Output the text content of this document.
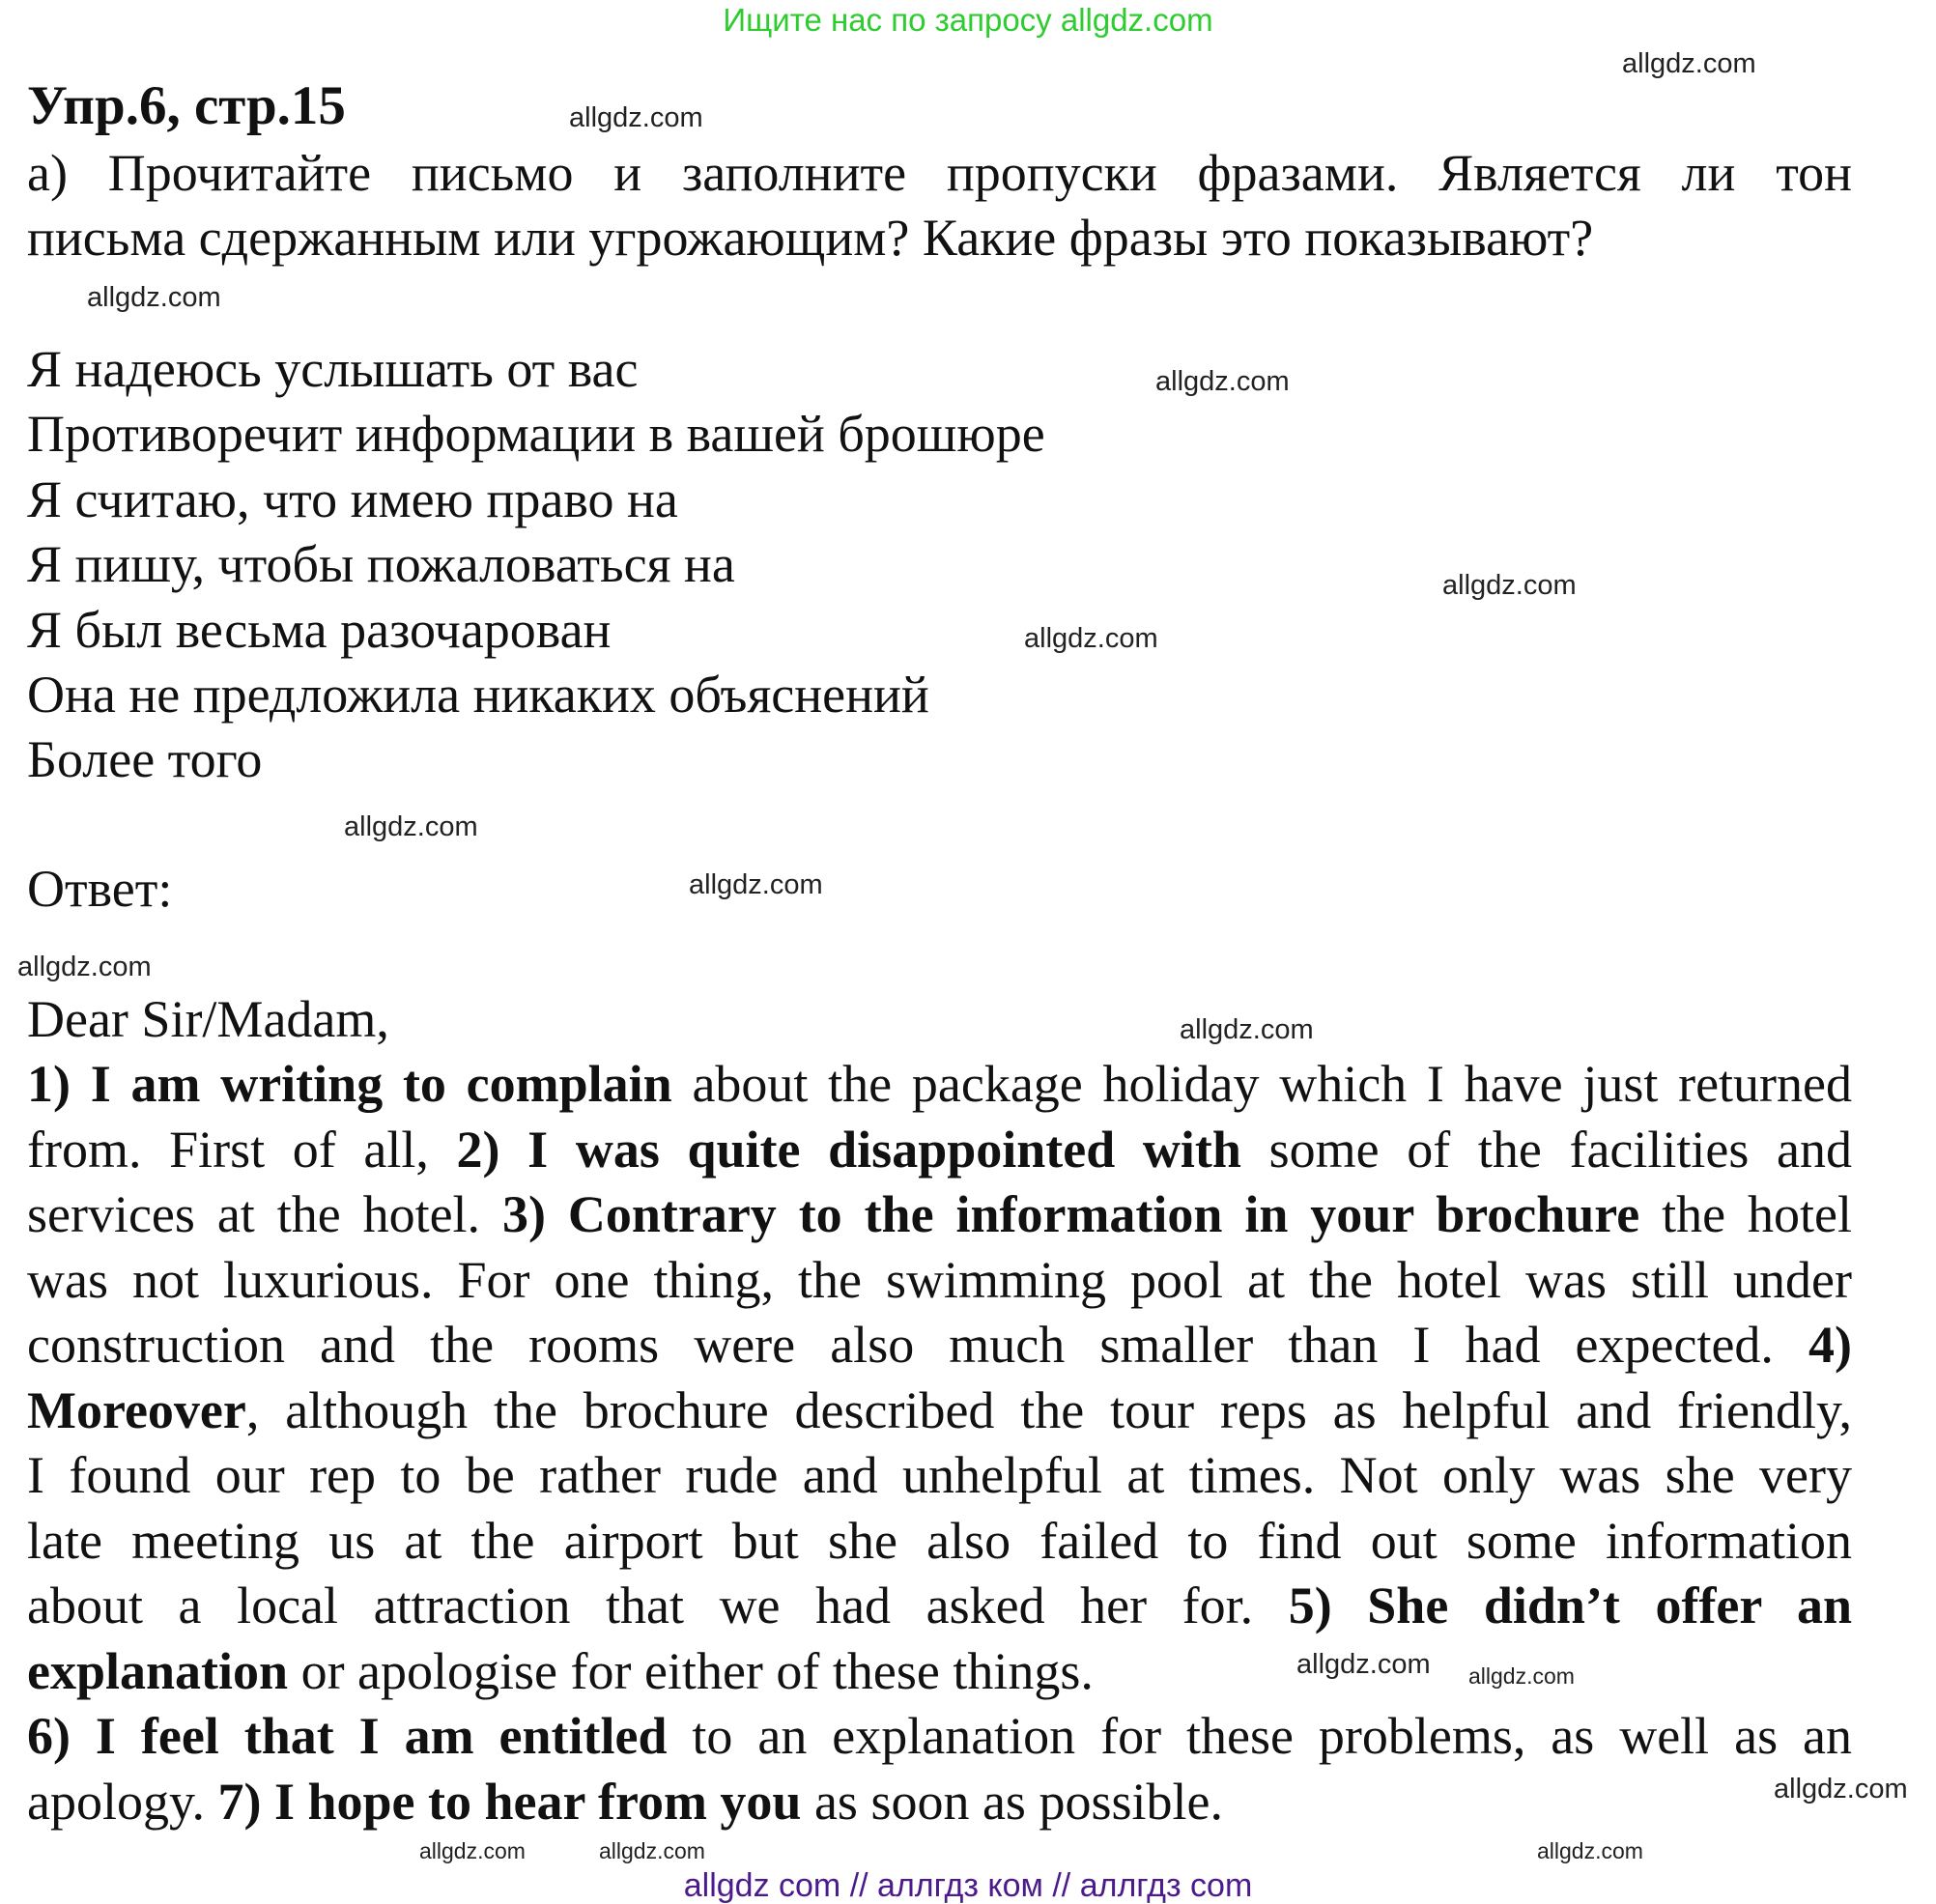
Ищите нас по запросу allgdz.com
Упр.6, стр.15
а) Прочитайте письмо и заполните пропуски фразами. Является ли тон
письма сдержанным или угрожающим? Какие фразы это показывают?
Я надеюсь услышать от вас
Противоречит информации в вашей брошюре
Я считаю, что имею право на
Я пишу, чтобы пожаловаться на
Я был весьма разочарован
Она не предложила никаких объяснений
Более того
Ответ:
Dear Sir/Madam,
1) I am writing to complain about the package holiday which I have just returned
from. First of all, 2) I was quite disappointed with some of the facilities and
services at the hotel. 3) Contrary to the information in your brochure the hotel
was not luxurious. For one thing, the swimming pool at the hotel was still under
construction and the rooms were also much smaller than I had expected. 4)
Moreover, although the brochure described the tour reps as helpful and friendly,
I found our rep to be rather rude and unhelpful at times. Not only was she very
late meeting us at the airport but she also failed to find out some information
about a local attraction that we had asked her for. 5) She didn’t offer an
explanation or apologise for either of these things.
6) I feel that I am entitled to an explanation for these problems, as well as an
apology. 7) I hope to hear from you as soon as possible.
allgdz.com
allgdz.com
allgdz.com
allgdz.com
allgdz.com
allgdz.com
allgdz.com
allgdz.com
allgdz.com
allgdz.com
allgdz.com	allgdz.com
allgdz.com allgdz.com
allgdz.com
allgdz.com
allgdz com // аллгдз ком // аллгдз com
